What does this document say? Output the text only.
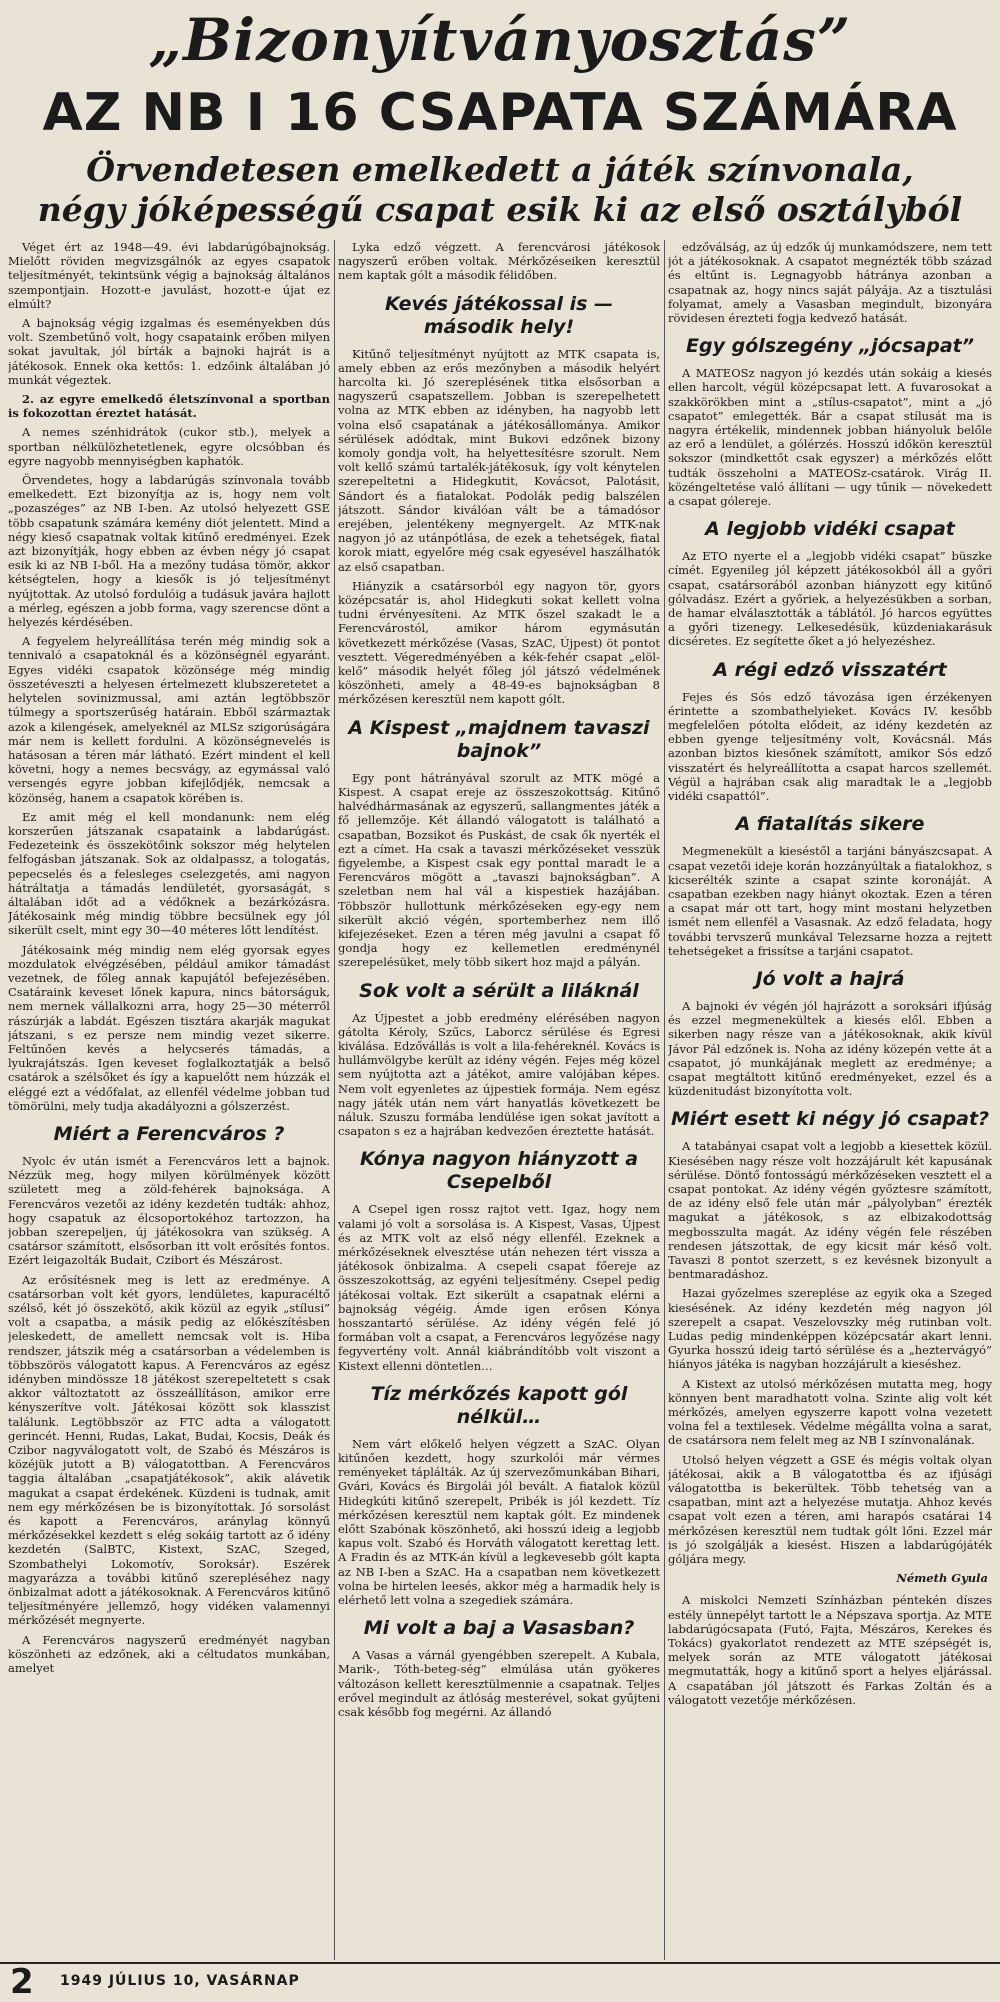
„Bizonyítványosztás”
AZ NB I 16 CSAPATA SZÁMÁRA
Örvendetesen emelkedett a játék színvonala,
négy jóképességű csapat esik ki az első osztályból

Véget ért az 1948—49. évi labdarúgóbajnokság. Mielőtt röviden megvizsgálnók az egyes csapatok teljesítményét, tekintsünk végig a bajnokság általános szempontjain. Hozott-e javulást, hozott-e újat ez elmúlt?

A bajnokság végig izgalmas és eseményekben dús volt. Szembetűnő volt, hogy csapataink erőben milyen sokat javultak, jól bírták a bajnoki hajrát is a játékosok. Ennek oka kettős: 1. edzőink általában jó munkát végeztek.

2. az egyre emelkedő életszínvonal a sportban is fokozottan éreztet hatását.

A nemes szénhidrátok (cukor stb.), melyek a sportban nélkülözhetetlenek, egyre olcsóbban és egyre nagyobb mennyiségben kaphatók.

Örvendetes, hogy a labdarúgás színvonala tovább emelkedett. Ezt bizonyítja az is, hogy nem volt „pozaszéges” az NB I-ben. Az utolsó helyezett GSE több csapatunk számára kemény diót jelentett. Mind a négy kieső csapatnak voltak kitűnő eredményei. Ezek azt bizonyítják, hogy ebben az évben négy jó csapat esik ki az NB I-ből. Ha a mezőny tudása tömör, akkor kétségtelen, hogy a kiesők is jó teljesítményt nyújtottak. Az utolsó fordulóig a tudásuk javára hajlott a mérleg, egészen a jobb forma, vagy szerencse dönt a helyezés kérdésében.

A fegyelem helyreállítása terén még mindig sok a tennivaló a csapatoknál és a közönségnél egyaránt. Egyes vidéki csapatok közönsége még mindig összetéveszti a helyesen értelmezett klubszeretetet a helytelen sovinizmussal, ami aztán legtöbbször túlmegy a sportszerűség határain. Ebből származtak azok a kilengések, amelyeknél az MLSz szigorúságára már nem is kellett fordulni. A közönségnevelés is hatásosan a téren már látható. Ezért mindent el kell követni, hogy a nemes becsvágy, az egymással való versengés egyre jobban kifejlődjék, nemcsak a közönség, hanem a csapatok körében is.

Ez amit még el kell mondanunk: nem elég korszerűen játszanak csapataink a labdarúgást. Fedezeteink és összekötőink sokszor még helytelen felfogásban játszanak. Sok az oldalpassz, a tologatás, pepecselés és a felesleges cselezgetés, ami nagyon hátráltatja a támadás lendületét, gyorsaságát, s általában időt ad a védőknek a bezárkózásra. Játékosaink még mindig többre becsülnek egy jól sikerült cselt, mint egy 30—40 méteres lőtt lendítést.

Játékosaink még mindig nem elég gyorsak egyes mozdulatok elvégzésében, például amikor támadást vezetnek, de főleg annak kapujától befejezésében. Csatáraink keveset lőnek kapura, nincs bátorságuk, nem mernek vállalkozni arra, hogy 25—30 méterről rászúrják a labdát. Egészen tisztára akarják magukat játszani, s ez persze nem mindig vezet sikerre. Feltűnően kevés a helycserés támadás, a lyukrajátszás. Igen keveset foglalkoztatják a belső csatárok a szélsőket és így a kapuelőtt nem húzzák el eléggé ezt a védőfalat, az ellenfél védelme jobban tud tömörülni, mely tudja akadályozni a gólszerzést.

Miért a Ferencváros ?

Nyolc év után ismét a Ferencváros lett a bajnok. Nézzük meg, hogy milyen körülmények között született meg a zöld-fehérek bajnoksága. A Ferencváros vezetői az idény kezdetén tudták: ahhoz, hogy csapatuk az élcsoportokéhoz tartozzon, ha jobban szerepeljen, új játékosokra van szükség. A csatársor számított, elsősorban itt volt erősítés fontos. Ezért leigazolták Budait, Czibort és Mészárost.

Az erősítésnek meg is lett az eredménye. A csatársorban volt két gyors, lendületes, kapuracéltő szélső, két jó összekötő, akik közül az egyik „stílusi” volt a csapatba, a másik pedig az előkészítésben jeleskedett, de amellett nemcsak volt is. Hiba rendszer, játszik még a csatársorban a védelemben is többszörös válogatott kapus. A Ferencváros az egész idényben mindössze 18 játékost szerepeltetett s csak akkor változtatott az összeállításon, amikor erre kényszerítve volt. Játékosai között sok klasszist találunk. Legtöbbször az FTC adta a válogatott gerincét. Henni, Rudas, Lakat, Budai, Kocsis, Deák és Czibor nagyválogatott volt, de Szabó és Mészáros is közéjük jutott a B) válogatottban. A Ferencváros taggia általában „csapatjátékosok”, akik alávetik magukat a csapat érdekének. Küzdeni is tudnak, amit nem egy mérkőzésen be is bizonyítottak. Jó sorsolást és kapott a Ferencváros, aránylag könnyű mérkőzésekkel kezdett s elég sokáig tartott az ő idény kezdetén (SalBTC, Kistext, SzAC, Szeged, Szombathelyi Lokomotív, Soroksár). Eszérek magyarázza a további kitűnő szerepléséhez nagy önbizalmat adott a játékosoknak. A Ferencváros kitűnő teljesítményére jellemző, hogy vidéken valamennyi mérkőzését megnyerte.

A Ferencváros nagyszerű eredményét nagyban köszönheti az edzőnek, aki a céltudatos munkában, amelyet

Lyka edző végzett. A ferencvárosi játékosok nagyszerű erőben voltak. Mérkőzéseiken keresztül nem kaptak gólt a második félidőben.

Kevés játékossal is — második hely!

Kitűnő teljesítményt nyújtott az MTK csapata is, amely ebben az erős mezőnyben a második helyért harcolta ki. Jó szereplésének titka elsősorban a nagyszerű csapatszellem. Jobban is szerepelhetett volna az MTK ebben az idényben, ha nagyobb lett volna első csapatának a játékosállománya. Amikor sérülések adódtak, mint Bukovi edzőnek bizony komoly gondja volt, ha helyettesítésre szorult. Nem volt kellő számú tartalék-játékosuk, így volt kénytelen szerepeltetni a Hidegkutit, Kovácsot, Palotásit, Sándort és a fiatalokat. Podolák pedig balszélen játszott. Sándor kiválóan vált be a támadósor erejében, jelentékeny megnyergelt. Az MTK-nak nagyon jó az utánpótlása, de ezek a tehetségek, fiatal korok miatt, egyelőre még csak egyesével haszálhatók az első csapatban.

Hiányzik a csatársorból egy nagyon tör, gyors középcsatár is, ahol Hidegkuti sokat kellett volna tudni érvényesíteni. Az MTK őszel szakadt le a Ferencvárostól, amikor három egymásután következett mérkőzése (Vasas, SzAC, Újpest) öt pontot vesztett. Végeredményében a kék-fehér csapat „elöl-kelő” második helyét főleg jól játszó védelmének köszönheti, amely a 48-49-es bajnokságban 8 mérkőzésen keresztül nem kapott gólt.

A Kispest „majdnem tavaszi bajnok”

Egy pont hátrányával szorult az MTK mögé a Kispest. A csapat ereje az összeszokottság. Kitűnő halvédhármasának az egyszerű, sallangmentes játék a fő jellemzője. Két állandó válogatott is található a csapatban, Bozsikot és Puskást, de csak ők nyerték el ezt a címet. Ha csak a tavaszi mérkőzéseket vesszük figyelembe, a Kispest csak egy ponttal maradt le a Ferencváros mögött a „tavaszi bajnokságban”. A szeletban nem hal vál a kispestiek hazájában. Többször hullottunk mérkőzéseken egy-egy nem sikerült akció végén, sportemberhez nem illő kifejezéseket. Ezen a téren még javulni a csapat fő gondja hogy ez kellemetlen eredménynél szerepelésüket, mely több sikert hoz majd a pályán.

Sok volt a sérült a liláknál

Az Újpestet a jobb eredmény elérésében nagyon gátolta Kéroly, Szűcs, Laborcz sérülése és Egresi kiválása. Edzővállás is volt a lila-fehéreknél. Kovács is hullámvölgybe került az idény végén. Fejes még közel sem nyújtotta azt a játékot, amire valójában képes. Nem volt egyenletes az újpestiek formája. Nem egész nagy játék után nem várt hanyatlás következett be náluk. Szuszu formába lendülése igen sokat javított a csapaton s ez a hajrában kedvezően éreztette hatását.

Kónya nagyon hiányzott a Csepelből

A Csepel igen rossz rajtot vett. Igaz, hogy nem valami jó volt a sorsolása is. A Kispest, Vasas, Újpest és az MTK volt az első négy ellenfél. Ezeknek a mérkőzéseknek elvesztése után nehezen tért vissza a játékosok önbizalma. A csepeli csapat főereje az összeszokottság, az egyéni teljesítmény. Csepel pedig játékosai voltak. Ezt sikerült a csapatnak elérni a bajnokság végéig. Ámde igen erősen Kónya hosszantartó sérülése. Az idény végén felé jó formában volt a csapat, a Ferencváros legyőzése nagy fegyvertény volt. Annál kiábrándítóbb volt viszont a Kistext ellenni döntetlen…

Tíz mérkőzés kapott gól nélkül…

Nem várt előkelő helyen végzett a SzAC. Olyan kitűnően kezdett, hogy szurkolói már vérmes reményeket táplálták. Az új szervezőmunkában Bihari, Gvári, Kovács és Birgolái jól bevált. A fiatalok közül Hidegkúti kitűnő szerepelt, Pribék is jól kezdett. Tíz mérkőzésen keresztül nem kaptak gólt. Ez mindenek előtt Szabónak köszönhető, aki hosszú ideig a legjobb kapus volt. Szabó és Horváth válogatott kerettag lett. A Fradin és az MTK-án kívül a legkevesebb gólt kapta az NB I-ben a SzAC. Ha a csapatban nem következett volna be hirtelen leesés, akkor még a harmadik hely is elérhető lett volna a szegediek számára.

Mi volt a baj a Vasasban?

A Vasas a várnál gyengébben szerepelt. A Kubala, Marik-, Tóth-beteg-ség” elmúlása után gyökeres változáson kellett keresztülmennie a csapatnak. Teljes erővel megindult az átlóság mesterével, sokat gyűjteni csak később fog megérni. Az állandó

edzőválság, az új edzők új munkamódszere, nem tett jót a játékosoknak. A csapatot megnézték több század és eltűnt is. Legnagyobb hátránya azonban a csapatnak az, hogy nincs saját pályája. Az a tisztulási folyamat, amely a Vasasban megindult, bizonyára rövidesen érezteti fogja kedvező hatását.

Egy gólszegény „jócsapat”

A MATEOSz nagyon jó kezdés után sokáig a kiesés ellen harcolt, végül középcsapat lett. A fuvarosokat a szakkörökben mint a „stílus-csapatot”, mint a „jó csapatot” emlegették. Bár a csapat stílusát ma is nagyra értékelik, mindennek jobban hiányoluk belőle az erő a lendület, a gólérzés. Hosszú időkön keresztül sokszor (mindkettőt csak egyszer) a mérkőzés előtt tudták összeholni a MATEOSz-csatárok. Virág II. közéngeltetése való állítani — ugy tűnik — növekedett a csapat gólereje.

A legjobb vidéki csapat

Az ETO nyerte el a „legjobb vidéki csapat” büszke címét. Egyenileg jól képzett játékosokból áll a győri csapat, csatársorából azonban hiányzott egy kitűnő gólvadász. Ezért a győriek, a helyezésükben a sorban, de hamar elválasztották a táblától. Jó harcos együttes a győri tizenegy. Lelkesedésük, küzdeniakarásuk dicséretes. Ez segítette őket a jó helyezéshez.

A régi edző visszatért

Fejes és Sós edző távozása igen érzékenyen érintette a szombathelyieket. Kovács IV. kesőbb megfelelően pótolta elődeit, az idény kezdetén az ebben gyenge teljesítmény volt, Kovácsnál. Más azonban biztos kiesőnek számított, amikor Sós edző visszatért és helyreállította a csapat harcos szellemét. Végül a hajrában csak alig maradtak le a „legjobb vidéki csapattól”.

A fiatalítás sikere

Megmenekült a kieséstől a tarjáni bányászcsapat. A csapat vezetői ideje korán hozzányúltak a fiatalokhoz, s kicserélték szinte a csapat szinte koronáját. A csapatban ezekben nagy hiányt okoztak. Ezen a téren a csapat már ott tart, hogy mint mostani helyzetben ismét nem ellenfél a Vasasnak. Az edző feladata, hogy további tervszerű munkával Telezsarne hozza a rejtett tehetségeket a frissítse a tarjáni csapatot.

Jó volt a hajrá

A bajnoki év végén jól hajrázott a soroksári ifjúság és ezzel megmenekültek a kiesés elől. Ebben a sikerben nagy része van a játékosoknak, akik kívül Jávor Pál edzőnek is. Noha az idény közepén vette át a csapatot, jó munkájának meglett az eredménye; a csapat megtáltott kitűnő eredményeket, ezzel és a küzdenitudást bizonyította volt.

Miért esett ki négy jó csapat?

A tatabányai csapat volt a legjobb a kiesettek közül. Kiesésében nagy része volt hozzájárult két kapusának sérülése. Döntő fontosságú mérkőzéseken vesztett el a csapat pontokat. Az idény végén győztesre számított, de az idény első fele után már „pályolyban” érezték magukat a játékosok, s az elbizakodottság megbosszulta magát. Az idény végén fele részében rendesen játszottak, de egy kicsit már késő volt. Tavaszi 8 pontot szerzett, s ez kevésnek bizonyult a bentmaradáshoz.

Hazai győzelmes szereplése az egyik oka a Szeged kiesésének. Az idény kezdetén még nagyon jól szerepelt a csapat. Veszelovszky még rutinban volt. Ludas pedig mindenképpen középcsatár akart lenni. Gyurka hosszú ideig tartó sérülése és a „heztervágyó” hiányos játéka is nagyban hozzájárult a kieséshez.

A Kistext az utolsó mérkőzésen mutatta meg, hogy könnyen bent maradhatott volna. Szinte alig volt két mérkőzés, amelyen egyszerre kapott volna vezetett volna fel a textilesek. Védelme mégállta volna a sarat, de csatársora nem felelt meg az NB I színvonalának.

Utolsó helyen végzett a GSE és mégis voltak olyan játékosai, akik a B válogatottba és az ifjúsági válogatottba is bekerültek. Több tehetség van a csapatban, mint azt a helyezése mutatja. Ahhoz kevés csapat volt ezen a téren, ami harapós csatárai 14 mérkőzésen keresztül nem tudtak gólt lőni. Ezzel már is jó szolgálják a kiesést. Hiszen a labdarúgójáték góljára megy.

Németh Gyula

A miskolci Nemzeti Színházban péntekén díszes estély ünnepélyt tartott le a Népszava sportja. Az MTE labdarúgócsapata (Futó, Fajta, Mészáros, Kerekes és Tokács) gyakorlatot rendezett az MTE szépségét is, melyek során az MTE válogatott játékosai megmutatták, hogy a kitűnő sport a helyes eljárással. A csapatában jól játszott és Farkas Zoltán és a válogatott vezetője mérkőzésen.

2 1949 JÚLIUS 10, VASÁRNAP
